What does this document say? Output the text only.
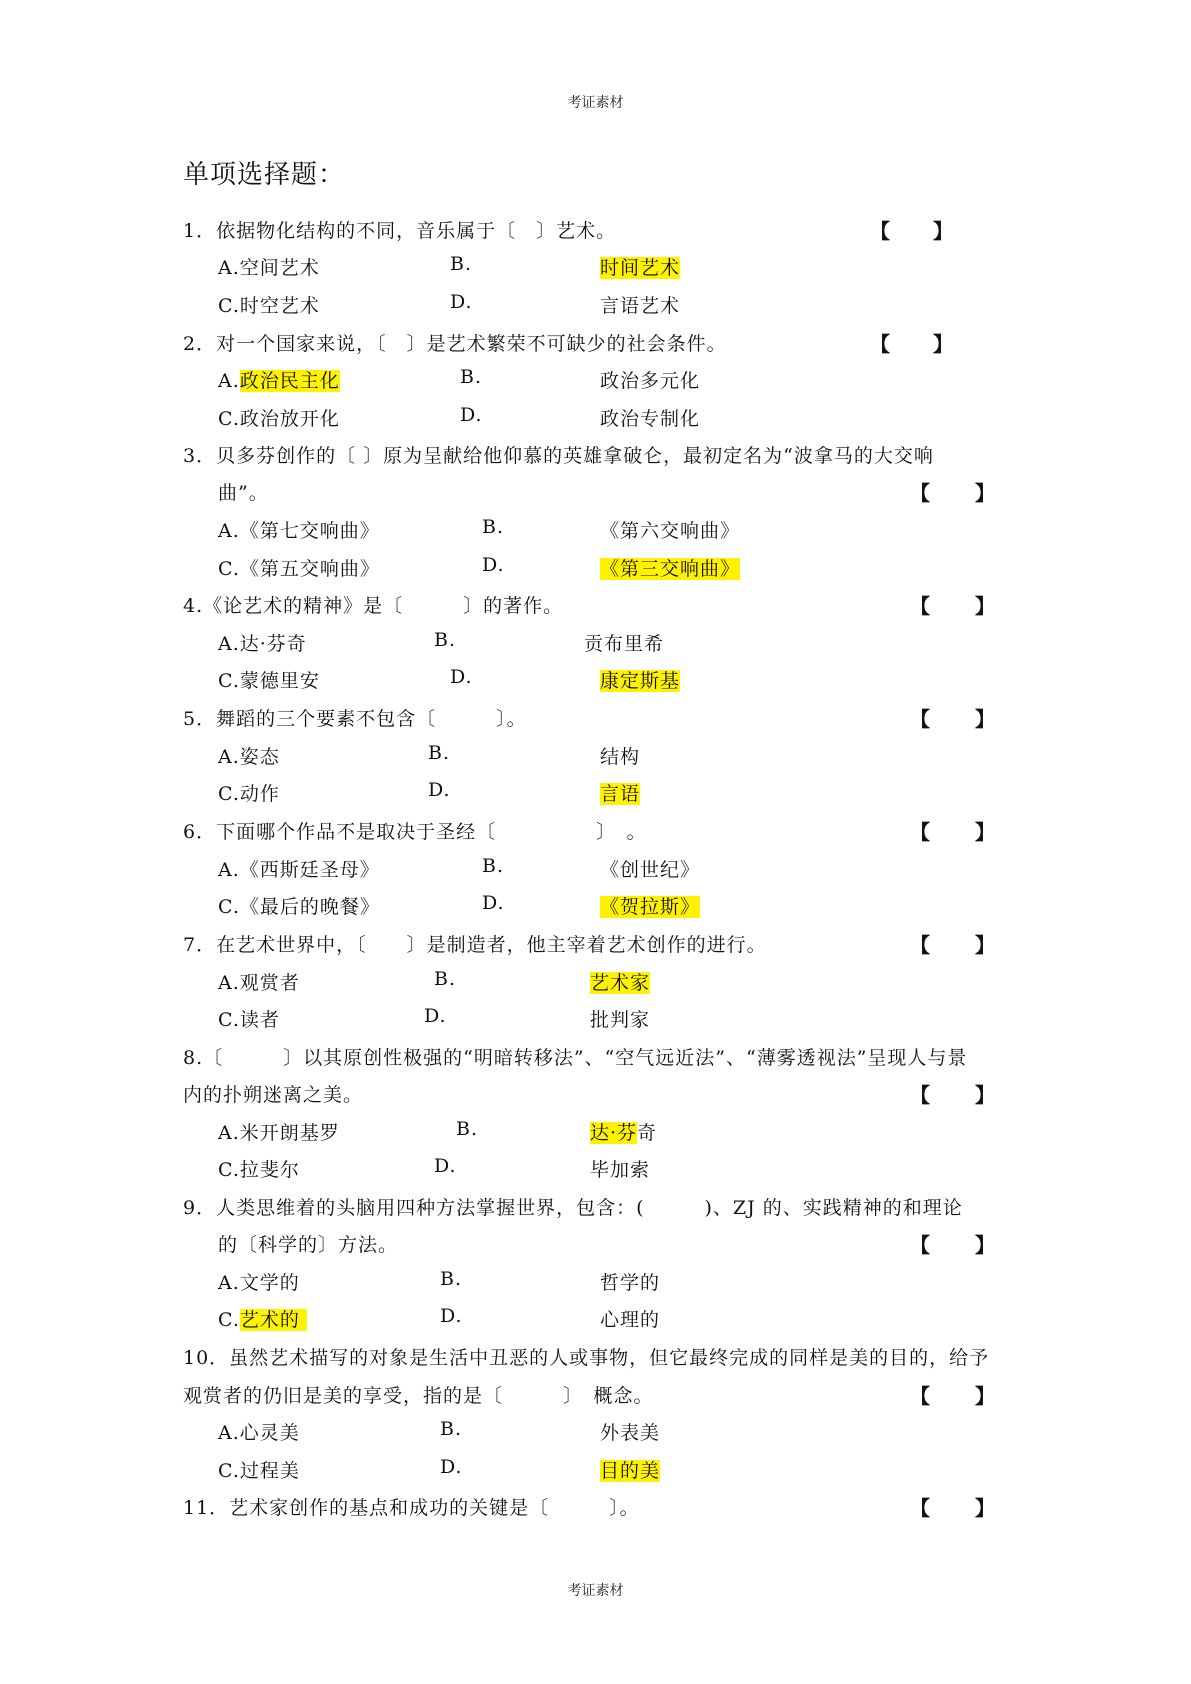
考证素材
单项选择题：
1．依据物化结构的不同，音乐属于〔　〕艺术。	【 】
A.空间艺术	B.	时间艺术
C.时空艺术	D.	言语艺术
2．对一个国家来说，〔　〕是艺术繁荣不可缺少的社会条件。	【 】
A.政治民主化	B.	政治多元化
C.政治放开化	D.	政治专制化
3．贝多芬创作的〔 〕原为呈献给他仰慕的英雄拿破仑，最初定名为“波拿马的大交响
曲”。	【 】
A.《第七交响曲》	B.	《第六交响曲》
C.《第五交响曲》	D.	《第三交响曲》
4.《论艺术的精神》是〔　　　〕的著作。	【 】
A.达·芬奇	B.	贡布里希
C.蒙德里安	D.	康定斯基
5．舞蹈的三个要素不包含〔　　　〕。	【 】
A.姿态	B.	结构
C.动作	D.	言语
6．下面哪个作品不是取决于圣经〔　　　　　〕　。	【 】
A.《西斯廷圣母》	B.	《创世纪》
C.《最后的晚餐》	D.	《贺拉斯》
7．在艺术世界中，〔　　〕是制造者，他主宰着艺术创作的进行。	【 】
A.观赏者	B.	艺术家
C.读者	D.	批判家
8.〔　　　〕以其原创性极强的“明暗转移法”、“空气远近法”、“薄雾透视法”呈现人与景
内的扑朔迷离之美。	【 】
A.米开朗基罗	B.	达·芬奇
C.拉斐尔	D.	毕加索
9．人类思维着的头脑用四种方法掌握世界，包含：(　　　)、ZJ 的、实践精神的和理论
的〔科学的〕方法。	【 】
A.文学的	B.	哲学的
C.艺术的	D.	心理的
10．虽然艺术描写的对象是生活中丑恶的人或事物，但它最终完成的同样是美的目的，给予
观赏者的仍旧是美的享受，指的是〔　　　〕　概念。	【 】
A.心灵美	B.	外表美
C.过程美	D.	目的美
11．艺术家创作的基点和成功的关键是〔　　　〕。	【 】
考证素材
